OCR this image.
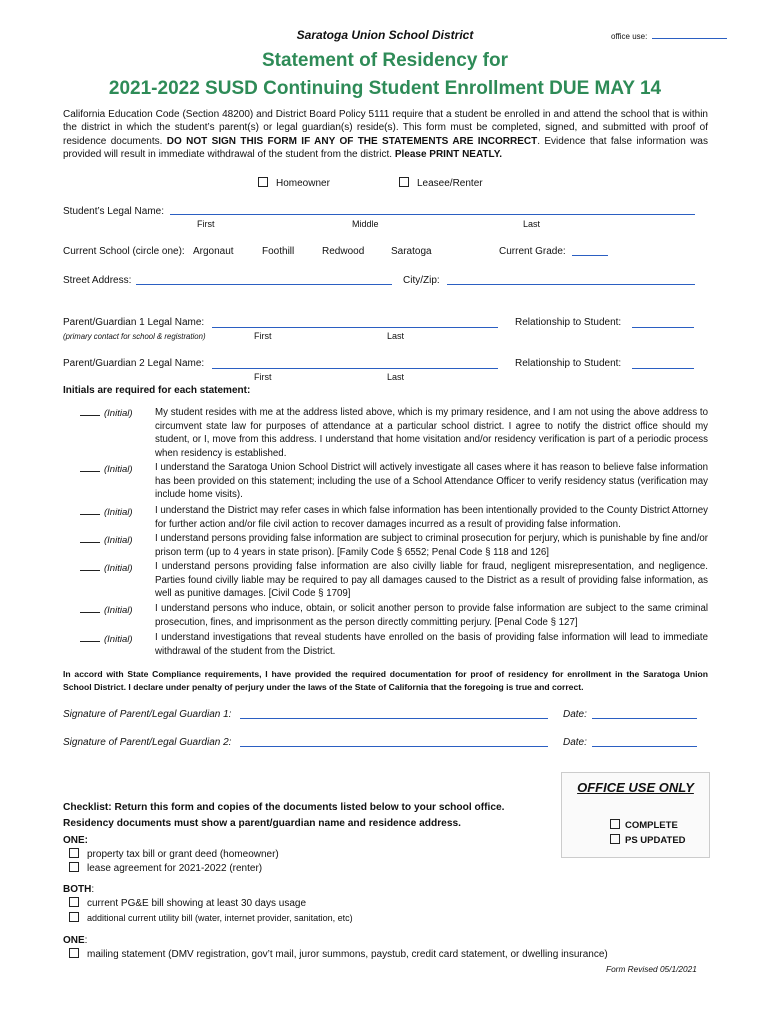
Saratoga Union School District	office use:
Statement of Residency for
2021-2022 SUSD Continuing Student Enrollment DUE MAY 14
California Education Code (Section 48200) and District Board Policy 5111 require that a student be enrolled in and attend the school that is within the district in which the student’s parent(s) or legal guardian(s) reside(s). This form must be completed, signed, and submitted with proof of residence documents. DO NOT SIGN THIS FORM IF ANY OF THE STATEMENTS ARE INCORRECT. Evidence that false information was provided will result in immediate withdrawal of the student from the district. Please PRINT NEATLY.
Homeowner	Leasee/Renter
Student’s Legal Name:
First	Middle	Last
Current School (circle one): Argonaut	Foothill	Redwood	Saratoga	Current Grade:
Street Address:	City/Zip:
Parent/Guardian 1 Legal Name:
(primary contact for school & registration)	First	Last
Relationship to Student:
Parent/Guardian 2 Legal Name:
First	Last
Relationship to Student:
Initials are required for each statement:
(Initial) My student resides with me at the address listed above, which is my primary residence, and I am not using the above address to circumvent state law for purposes of attendance at a particular school district. I agree to notify the district office should my student, or I, move from this address. I understand that home visitation and/or residency verification is part of a periodic process when residency is established.
(Initial) I understand the Saratoga Union School District will actively investigate all cases where it has reason to believe false information has been provided on this statement; including the use of a School Attendance Officer to verify residency status (verification may include home visits).
(Initial) I understand the District may refer cases in which false information has been intentionally provided to the County District Attorney for further action and/or file civil action to recover damages incurred as a result of providing false information.
(Initial) I understand persons providing false information are subject to criminal prosecution for perjury, which is punishable by fine and/or prison term (up to 4 years in state prison). [Family Code § 6552; Penal Code § 118 and 126]
(Initial) I understand persons providing false information are also civilly liable for fraud, negligent misrepresentation, and negligence. Parties found civilly liable may be required to pay all damages caused to the District as a result of providing false information, as well as punitive damages. [Civil Code § 1709]
(Initial) I understand persons who induce, obtain, or solicit another person to provide false information are subject to the same criminal prosecution, fines, and imprisonment as the person directly committing perjury. [Penal Code § 127]
(Initial) I understand investigations that reveal students have enrolled on the basis of providing false information will lead to immediate withdrawal of the student from the District.
In accord with State Compliance requirements, I have provided the required documentation for proof of residency for enrollment in the Saratoga Union School District. I declare under penalty of perjury under the laws of the State of California that the foregoing is true and correct.
Signature of Parent/Legal Guardian 1:	Date:
Signature of Parent/Legal Guardian 2:	Date:
OFFICE USE ONLY
COMPLETE
PS UPDATED
Checklist: Return this form and copies of the documents listed below to your school office.
Residency documents must show a parent/guardian name and residence address.
ONE:
property tax bill or grant deed (homeowner)
lease agreement for 2021-2022 (renter)
BOTH:
current PG&E bill showing at least 30 days usage
additional current utility bill (water, internet provider, sanitation, etc)
ONE:
mailing statement (DMV registration, gov’t mail, juror summons, paystub, credit card statement, or dwelling insurance)
Form Revised 05/1/2021
